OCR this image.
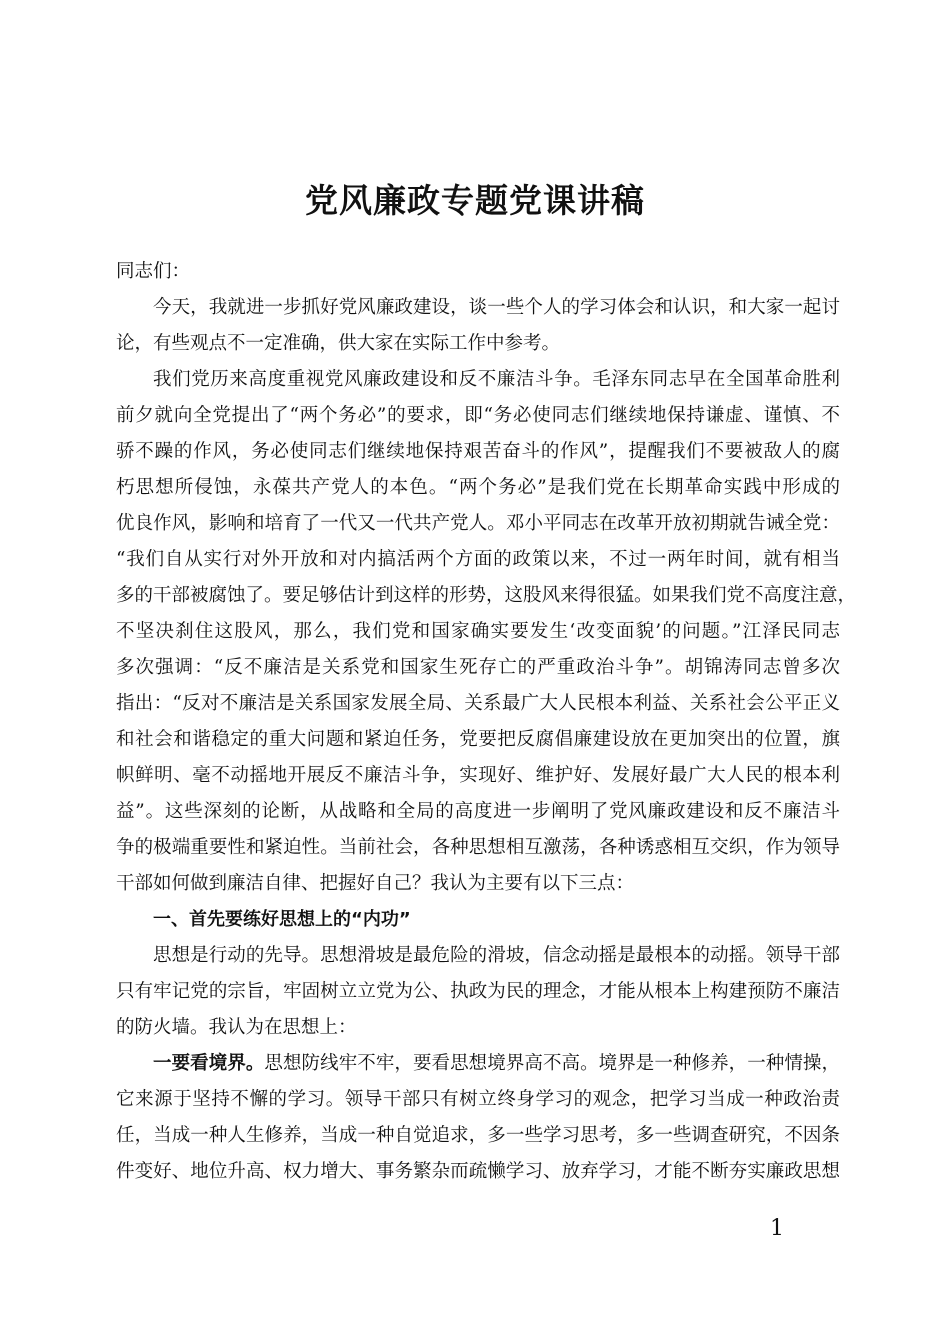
党风廉政专题党课讲稿
同志们：
今天，我就进一步抓好党风廉政建设，谈一些个人的学习体会和认识，和大家一起讨
论，有些观点不一定准确，供大家在实际工作中参考。
我们党历来高度重视党风廉政建设和反不廉洁斗争。毛泽东同志早在全国革命胜利
前夕就向全党提出了“两个务必”的要求，即“务必使同志们继续地保持谦虚、谨慎、不
骄不躁的作风，务必使同志们继续地保持艰苦奋斗的作风”，提醒我们不要被敌人的腐
朽思想所侵蚀，永葆共产党人的本色。“两个务必”是我们党在长期革命实践中形成的
优良作风，影响和培育了一代又一代共产党人。邓小平同志在改革开放初期就告诫全党：
“我们自从实行对外开放和对内搞活两个方面的政策以来，不过一两年时间，就有相当
多的干部被腐蚀了。要足够估计到这样的形势，这股风来得很猛。如果我们党不高度注意，
不坚决刹住这股风，那么，我们党和国家确实要发生‘改变面貌’的问题。”江泽民同志
多次强调：“反不廉洁是关系党和国家生死存亡的严重政治斗争”。胡锦涛同志曾多次
指出：“反对不廉洁是关系国家发展全局、关系最广大人民根本利益、关系社会公平正义
和社会和谐稳定的重大问题和紧迫任务，党要把反腐倡廉建设放在更加突出的位置，旗
帜鲜明、毫不动摇地开展反不廉洁斗争，实现好、维护好、发展好最广大人民的根本利
益”。这些深刻的论断，从战略和全局的高度进一步阐明了党风廉政建设和反不廉洁斗
争的极端重要性和紧迫性。当前社会，各种思想相互激荡，各种诱惑相互交织，作为领导
干部如何做到廉洁自律、把握好自己？我认为主要有以下三点：
一、首先要练好思想上的“内功”
思想是行动的先导。思想滑坡是最危险的滑坡，信念动摇是最根本的动摇。领导干部
只有牢记党的宗旨，牢固树立立党为公、执政为民的理念，才能从根本上构建预防不廉洁
的防火墙。我认为在思想上：
一要看境界。思想防线牢不牢，要看思想境界高不高。境界是一种修养，一种情操，
它来源于坚持不懈的学习。领导干部只有树立终身学习的观念，把学习当成一种政治责
任，当成一种人生修养，当成一种自觉追求，多一些学习思考，多一些调查研究，不因条
件变好、地位升高、权力增大、事务繁杂而疏懒学习、放弃学习，才能不断夯实廉政思想
1
